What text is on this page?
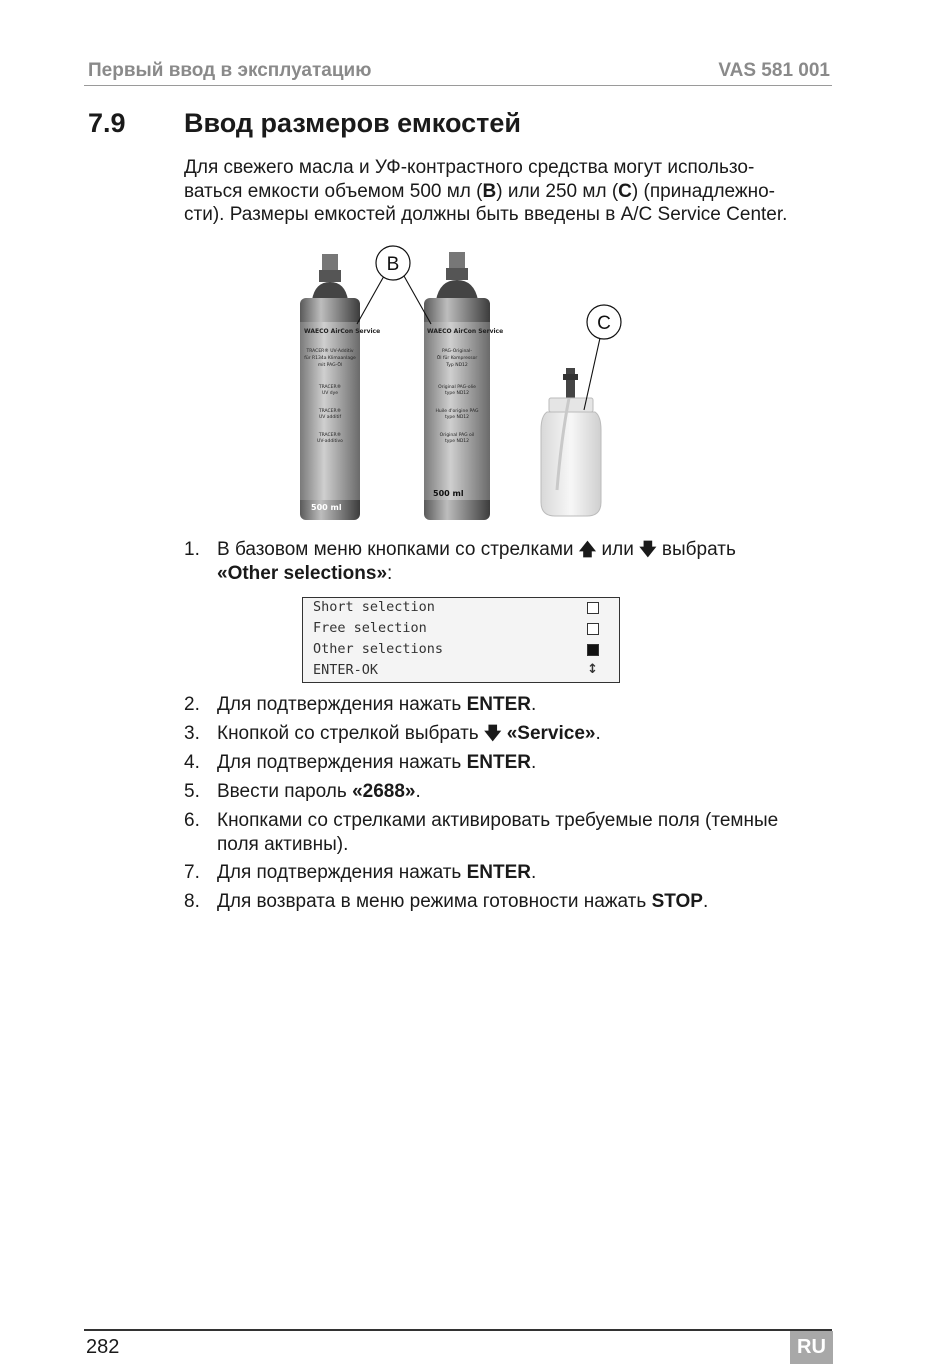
Первый ввод в эксплуатацию	VAS 581 001
7.9 Ввод размеров емкостей
Для свежего масла и УФ-контрастного средства могут использо-
ваться емкости объемом 500 мл (B) или 250 мл (C) (принадлежно-
сти). Размеры емкостей должны быть введены в A/C Service Center.
WAECO AirCon Service
TRACER® UV-Additiv
für R134a Klimaanlage
mit PAG-Öl
TRACER®
UV dye
TRACER®
UV additif
TRACER®
UV-additivo
500 ml
WAECO AirCon Service
PAG-Original-
Öl für Kompressor
Typ ND12
Original PAG-olie
type ND12
Huile d'origine PAG
type ND12
Original PAG oil
type ND12
500 ml
B
C
1. В базовом меню кнопками со стрелками 🡅 или 🡇 выбрать
«Other selections»:
2. Для подтверждения нажать ENTER.
3. Кнопкой со стрелкой выбрать 🡇 «Service».
4. Для подтверждения нажать ENTER.
5. Ввести пароль «2688».
6. Кнопками со стрелками активировать требуемые поля (темные
поля активны).
7. Для подтверждения нажать ENTER.
8. Для возврата в меню режима готовности нажать STOP.
Short selection
Free selection
Other selections
ENTER-OK	↕
282	RU
